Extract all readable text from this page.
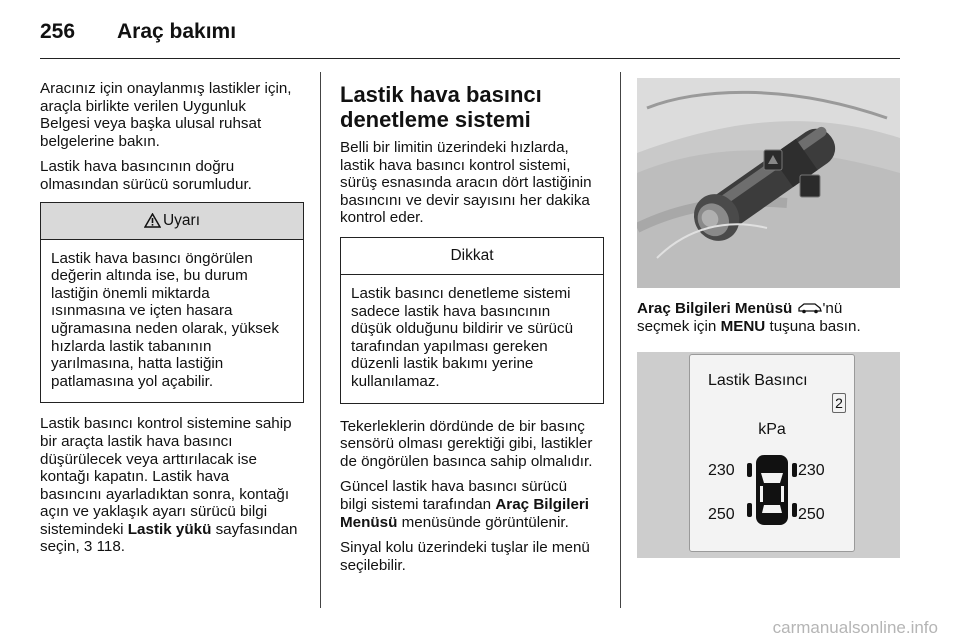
256 Araç bakımı

Aracınız için onaylanmış lastikler için,
araçla birlikte verilen Uygunluk
Belgesi veya başka ulusal ruhsat
belgelerine bakın.

Lastik hava basıncının doğru
olmasından sürücü sorumludur.

Uyarı
Lastik hava basıncı öngörülen
değerin altında ise, bu durum
lastiğin önemli miktarda
ısınmasına ve içten hasara
uğramasına neden olarak, yüksek
hızlarda lastik tabanının
yarılmasına, hatta lastiğin
patlamasına yol açabilir.

Lastik basıncı kontrol sistemine sahip
bir araçta lastik hava basıncı
düşürülecek veya arttırılacak ise
kontağı kapatın. Lastik hava
basıncını ayarladıktan sonra, kontağı
açın ve yaklaşık ayarı sürücü bilgi
sistemindeki Lastik yükü sayfasından
seçin, 3 118.

Lastik hava basıncı
denetleme sistemi

Belli bir limitin üzerindeki hızlarda,
lastik hava basıncı kontrol sistemi,
sürüş esnasında aracın dört lastiğinin
basıncını ve devir sayısını her dakika
kontrol eder.

Dikkat
Lastik basıncı denetleme sistemi
sadece lastik hava basıncının
düşük olduğunu bildirir ve sürücü
tarafından yapılması gereken
düzenli lastik bakımı yerine
kullanılamaz.

Tekerleklerin dördünde de bir basınç
sensörü olması gerektiği gibi, lastikler
de öngörülen basınca sahip olmalıdır.

Güncel lastik hava basıncı sürücü
bilgi sistemi tarafından Araç Bilgileri
Menüsü menüsünde görüntülenir.

Sinyal kolu üzerindeki tuşlar ile menü
seçilebilir.

Araç Bilgileri Menüsü 'nü
seçmek için MENU tuşuna basın.
Lastik Basıncı
2
kPa
230	230
250	250
carmanualsonline.info
